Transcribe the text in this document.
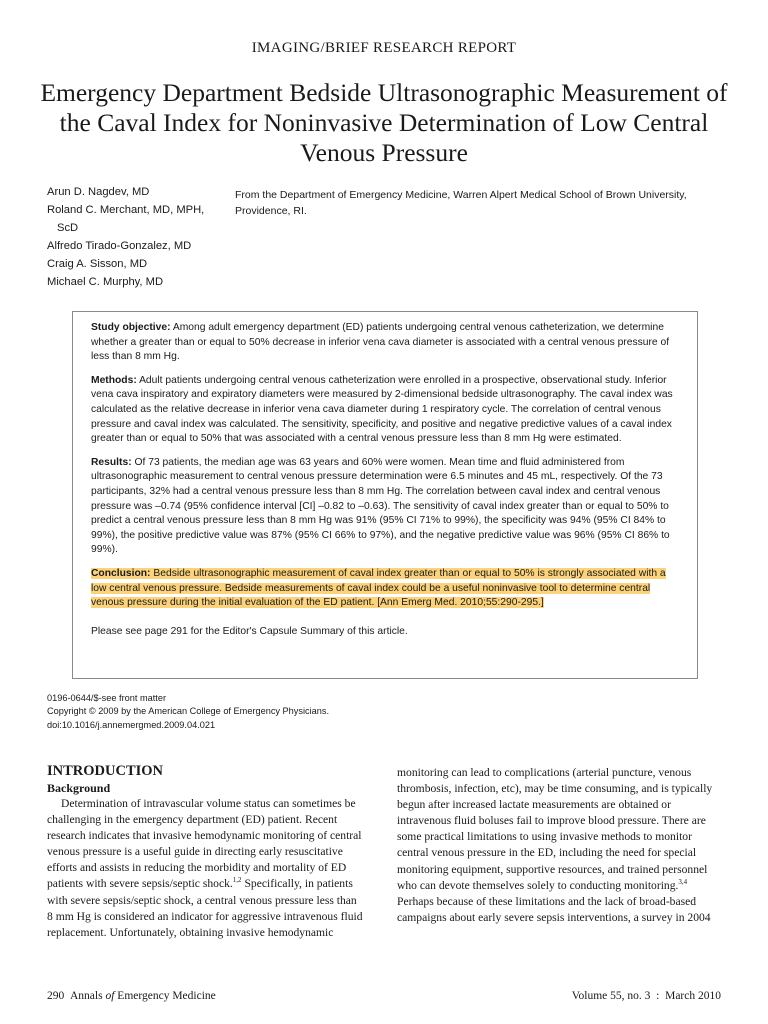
IMAGING/BRIEF RESEARCH REPORT
Emergency Department Bedside Ultrasonographic Measurement of the Caval Index for Noninvasive Determination of Low Central Venous Pressure
Arun D. Nagdev, MD
Roland C. Merchant, MD, MPH,
ScD
Alfredo Tirado-Gonzalez, MD
Craig A. Sisson, MD
Michael C. Murphy, MD
From the Department of Emergency Medicine, Warren Alpert Medical School of Brown University, Providence, RI.

Study objective: Among adult emergency department (ED) patients undergoing central venous catheterization, we determine whether a greater than or equal to 50% decrease in inferior vena cava diameter is associated with a central venous pressure of less than 8 mm Hg.

Methods: Adult patients undergoing central venous catheterization were enrolled in a prospective, observational study. Inferior vena cava inspiratory and expiratory diameters were measured by 2-dimensional bedside ultrasonography. The caval index was calculated as the relative decrease in inferior vena cava diameter during 1 respiratory cycle. The correlation of central venous pressure and caval index was calculated. The sensitivity, specificity, and positive and negative predictive values of a caval index greater than or equal to 50% that was associated with a central venous pressure less than 8 mm Hg were estimated.

Results: Of 73 patients, the median age was 63 years and 60% were women. Mean time and fluid administered from ultrasonographic measurement to central venous pressure determination were 6.5 minutes and 45 mL, respectively. Of the 73 participants, 32% had a central venous pressure less than 8 mm Hg. The correlation between caval index and central venous pressure was –0.74 (95% confidence interval [CI] –0.82 to –0.63). The sensitivity of caval index greater than or equal to 50% to predict a central venous pressure less than 8 mm Hg was 91% (95% CI 71% to 99%), the specificity was 94% (95% CI 84% to 99%), the positive predictive value was 87% (95% CI 66% to 97%), and the negative predictive value was 96% (95% CI 86% to 99%).

Conclusion: Bedside ultrasonographic measurement of caval index greater than or equal to 50% is strongly associated with a low central venous pressure. Bedside measurements of caval index could be a useful noninvasive tool to determine central venous pressure during the initial evaluation of the ED patient. [Ann Emerg Med. 2010;55:290-295.]

Please see page 291 for the Editor's Capsule Summary of this article.

0196-0644/$-see front matter
Copyright © 2009 by the American College of Emergency Physicians.
doi:10.1016/j.annemergmed.2009.04.021
INTRODUCTION
Background

Determination of intravascular volume status can sometimes be challenging in the emergency department (ED) patient. Recent research indicates that invasive hemodynamic monitoring of central venous pressure is a useful guide in directing early resuscitative efforts and assists in reducing the morbidity and mortality of ED patients with severe sepsis/septic shock.$^{1,2}$ Specifically, in patients with severe sepsis/septic shock, a central venous pressure less than 8 mm Hg is considered an indicator for aggressive intravenous fluid replacement. Unfortunately, obtaining invasive hemodynamic

monitoring can lead to complications (arterial puncture, venous thrombosis, infection, etc), may be time consuming, and is typically begun after increased lactate measurements are obtained or intravenous fluid boluses fail to improve blood pressure. There are some practical limitations to using invasive methods to monitor central venous pressure in the ED, including the need for special monitoring equipment, supportive resources, and trained personnel who can devote themselves solely to conducting monitoring.$^{3,4}$ Perhaps because of these limitations and the lack of broad-based campaigns about early severe sepsis interventions, a survey in 2004

290 Annals of Emergency Medicine	Volume 55, no. 3  :  March 2010
